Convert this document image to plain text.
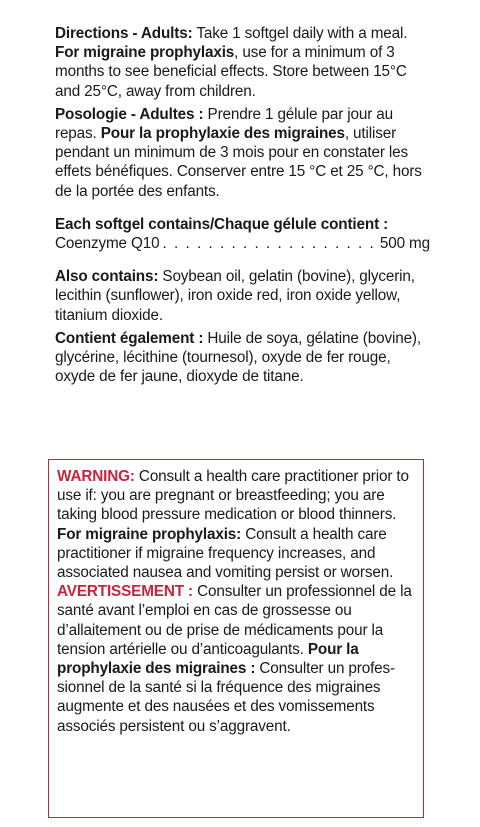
Directions - Adults: Take 1 softgel daily with a meal. For migraine prophylaxis, use for a minimum of 3 months to see beneficial effects. Store between 15°C and 25°C, away from children.

Posologie - Adultes : Prendre 1 gélule par jour au repas. Pour la prophylaxie des migraines, utiliser pendant un minimum de 3 mois pour en constater les effets bénéfiques. Conserver entre 15 °C et 25 °C, hors de la portée des enfants.

Each softgel contains/Chaque gélule contient :

Coenzyme Q10
. . .	500 mg

Also contains: Soybean oil, gelatin (bovine), glycerin, lecithin (sunflower), iron oxide red, iron oxide yellow, titanium dioxide.

Contient également : Huile de soya, gélatine (bovine), glycérine, lécithine (tournesol), oxyde de fer rouge, oxyde de fer jaune, dioxyde de titane.

WARNING: Consult a health care practitioner prior to use if: you are pregnant or breastfeeding; you are taking blood pressure medication or blood thinners. For migraine prophylaxis: Consult a health care practitioner if migraine frequency increases, and associated nausea and vomiting persist or worsen.

AVERTISSEMENT : Consulter un professionnel de la santé avant l’emploi en cas de grossesse ou d’allaitement ou de prise de médicaments pour la tension artérielle ou d’anticoagulants. Pour la prophylaxie des migraines : Consulter un professionnel de la santé si la fréquence des migraines augmente et des nausées et des vomissements associés persistent ou s’aggravent.
